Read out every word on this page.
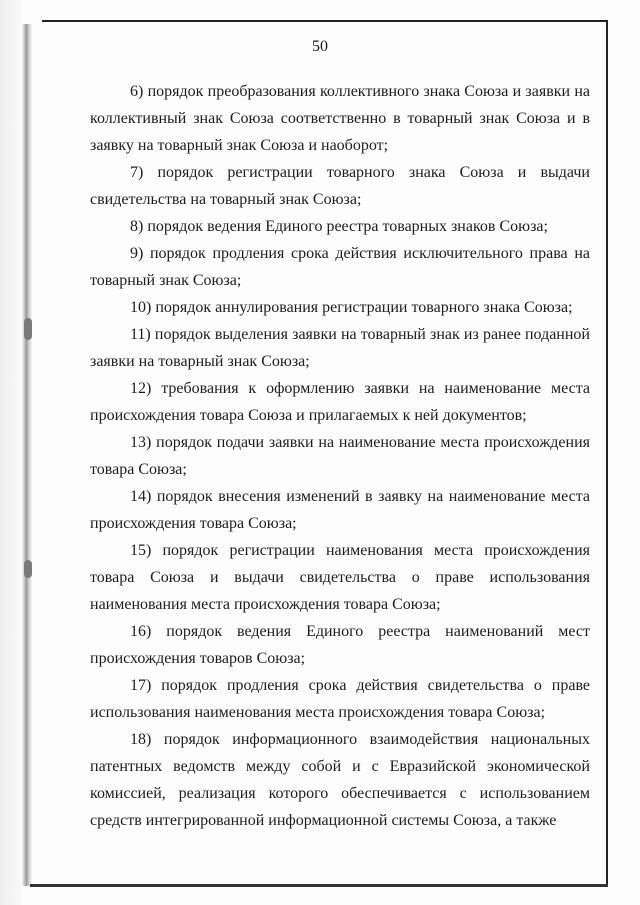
50

6) порядок преобразования коллективного знака Союза и заявки на коллективный знак Союза соответственно в товарный знак Союза и в заявку на товарный знак Союза и наоборот;

7) порядок регистрации товарного знака Союза и выдачи свидетельства на товарный знак Союза;

8) порядок ведения Единого реестра товарных знаков Союза;

9) порядок продления срока действия исключительного права на товарный знак Союза;

10) порядок аннулирования регистрации товарного знака Союза;

11) порядок выделения заявки на товарный знак из ранее поданной заявки на товарный знак Союза;

12) требования к оформлению заявки на наименование места происхождения товара Союза и прилагаемых к ней документов;

13) порядок подачи заявки на наименование места происхождения товара Союза;

14) порядок внесения изменений в заявку на наименование места происхождения товара Союза;

15) порядок регистрации наименования места происхождения товара Союза и выдачи свидетельства о праве использования наименования места происхождения товара Союза;

16) порядок ведения Единого реестра наименований мест происхождения товаров Союза;

17) порядок продления срока действия свидетельства о праве использования наименования места происхождения товара Союза;

18) порядок информационного взаимодействия национальных патентных ведомств между собой и с Евразийской экономической комиссией, реализация которого обеспечивается с использованием средств интегрированной информационной системы Союза, а также
